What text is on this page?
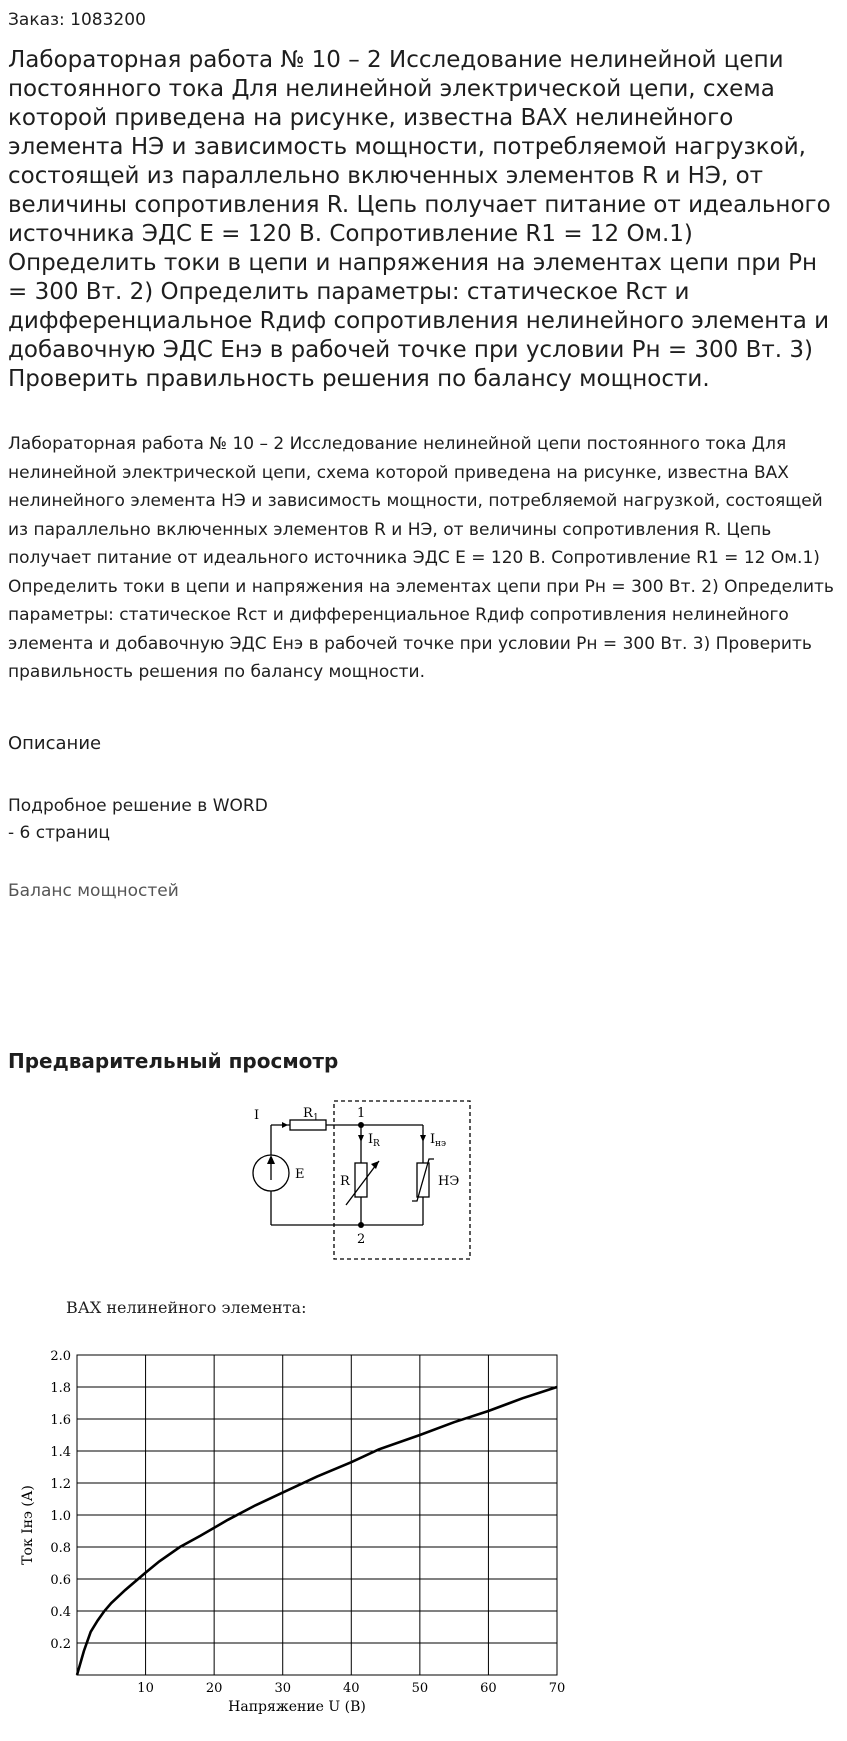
Заказ: 1083200
Лабораторная работа № 10 – 2 Исследование нелинейной цепи постоянного тока Для нелинейной электрической цепи, схема которой приведена на рисунке, известна ВАХ нелинейного элемента НЭ и зависимость мощности, потребляемой нагрузкой, состоящей из параллельно включенных элементов R и НЭ, от величины сопротивления R. Цепь получает питание от идеального источника ЭДС E = 120 В. Сопротивление R1 = 12 Ом.1) Определить токи в цепи и напряжения на элементах цепи при Pн = 300 Вт. 2) Определить параметры: статическое Rст и дифференциальное Rдиф сопротивления нелинейного элемента и добавочную ЭДС Eнэ в рабочей точке при условии Pн = 300 Вт. 3) Проверить правильность решения по балансу мощности.
Лабораторная работа № 10 – 2 Исследование нелинейной цепи постоянного тока Для нелинейной электрической цепи, схема которой приведена на рисунке, известна ВАХ нелинейного элемента НЭ и зависимость мощности, потребляемой нагрузкой, состоящей из параллельно включенных элементов R и НЭ, от величины сопротивления R. Цепь получает питание от идеального источника ЭДС E = 120 В. Сопротивление R1 = 12 Ом.1) Определить токи в цепи и напряжения на элементах цепи при Pн = 300 Вт. 2) Определить параметры: статическое Rст и дифференциальное Rдиф сопротивления нелинейного элемента и добавочную ЭДС Eнэ в рабочей точке при условии Pн = 300 Вт. 3) Проверить правильность решения по балансу мощности.
Описание
Подробное решение в WORD
- 6 страниц
Баланс мощностей
Предварительный просмотр
I	R 1	1
2
I R	I нэ
E	R	НЭ
ВАХ нелинейного элемента:
10	20	30	40	50	60	70
0.2
0.4
0.6
0.8
1.0
1.2
1.4
1.6
1.8
2.0
Напряжение U (В)
Ток Iнэ (А)
